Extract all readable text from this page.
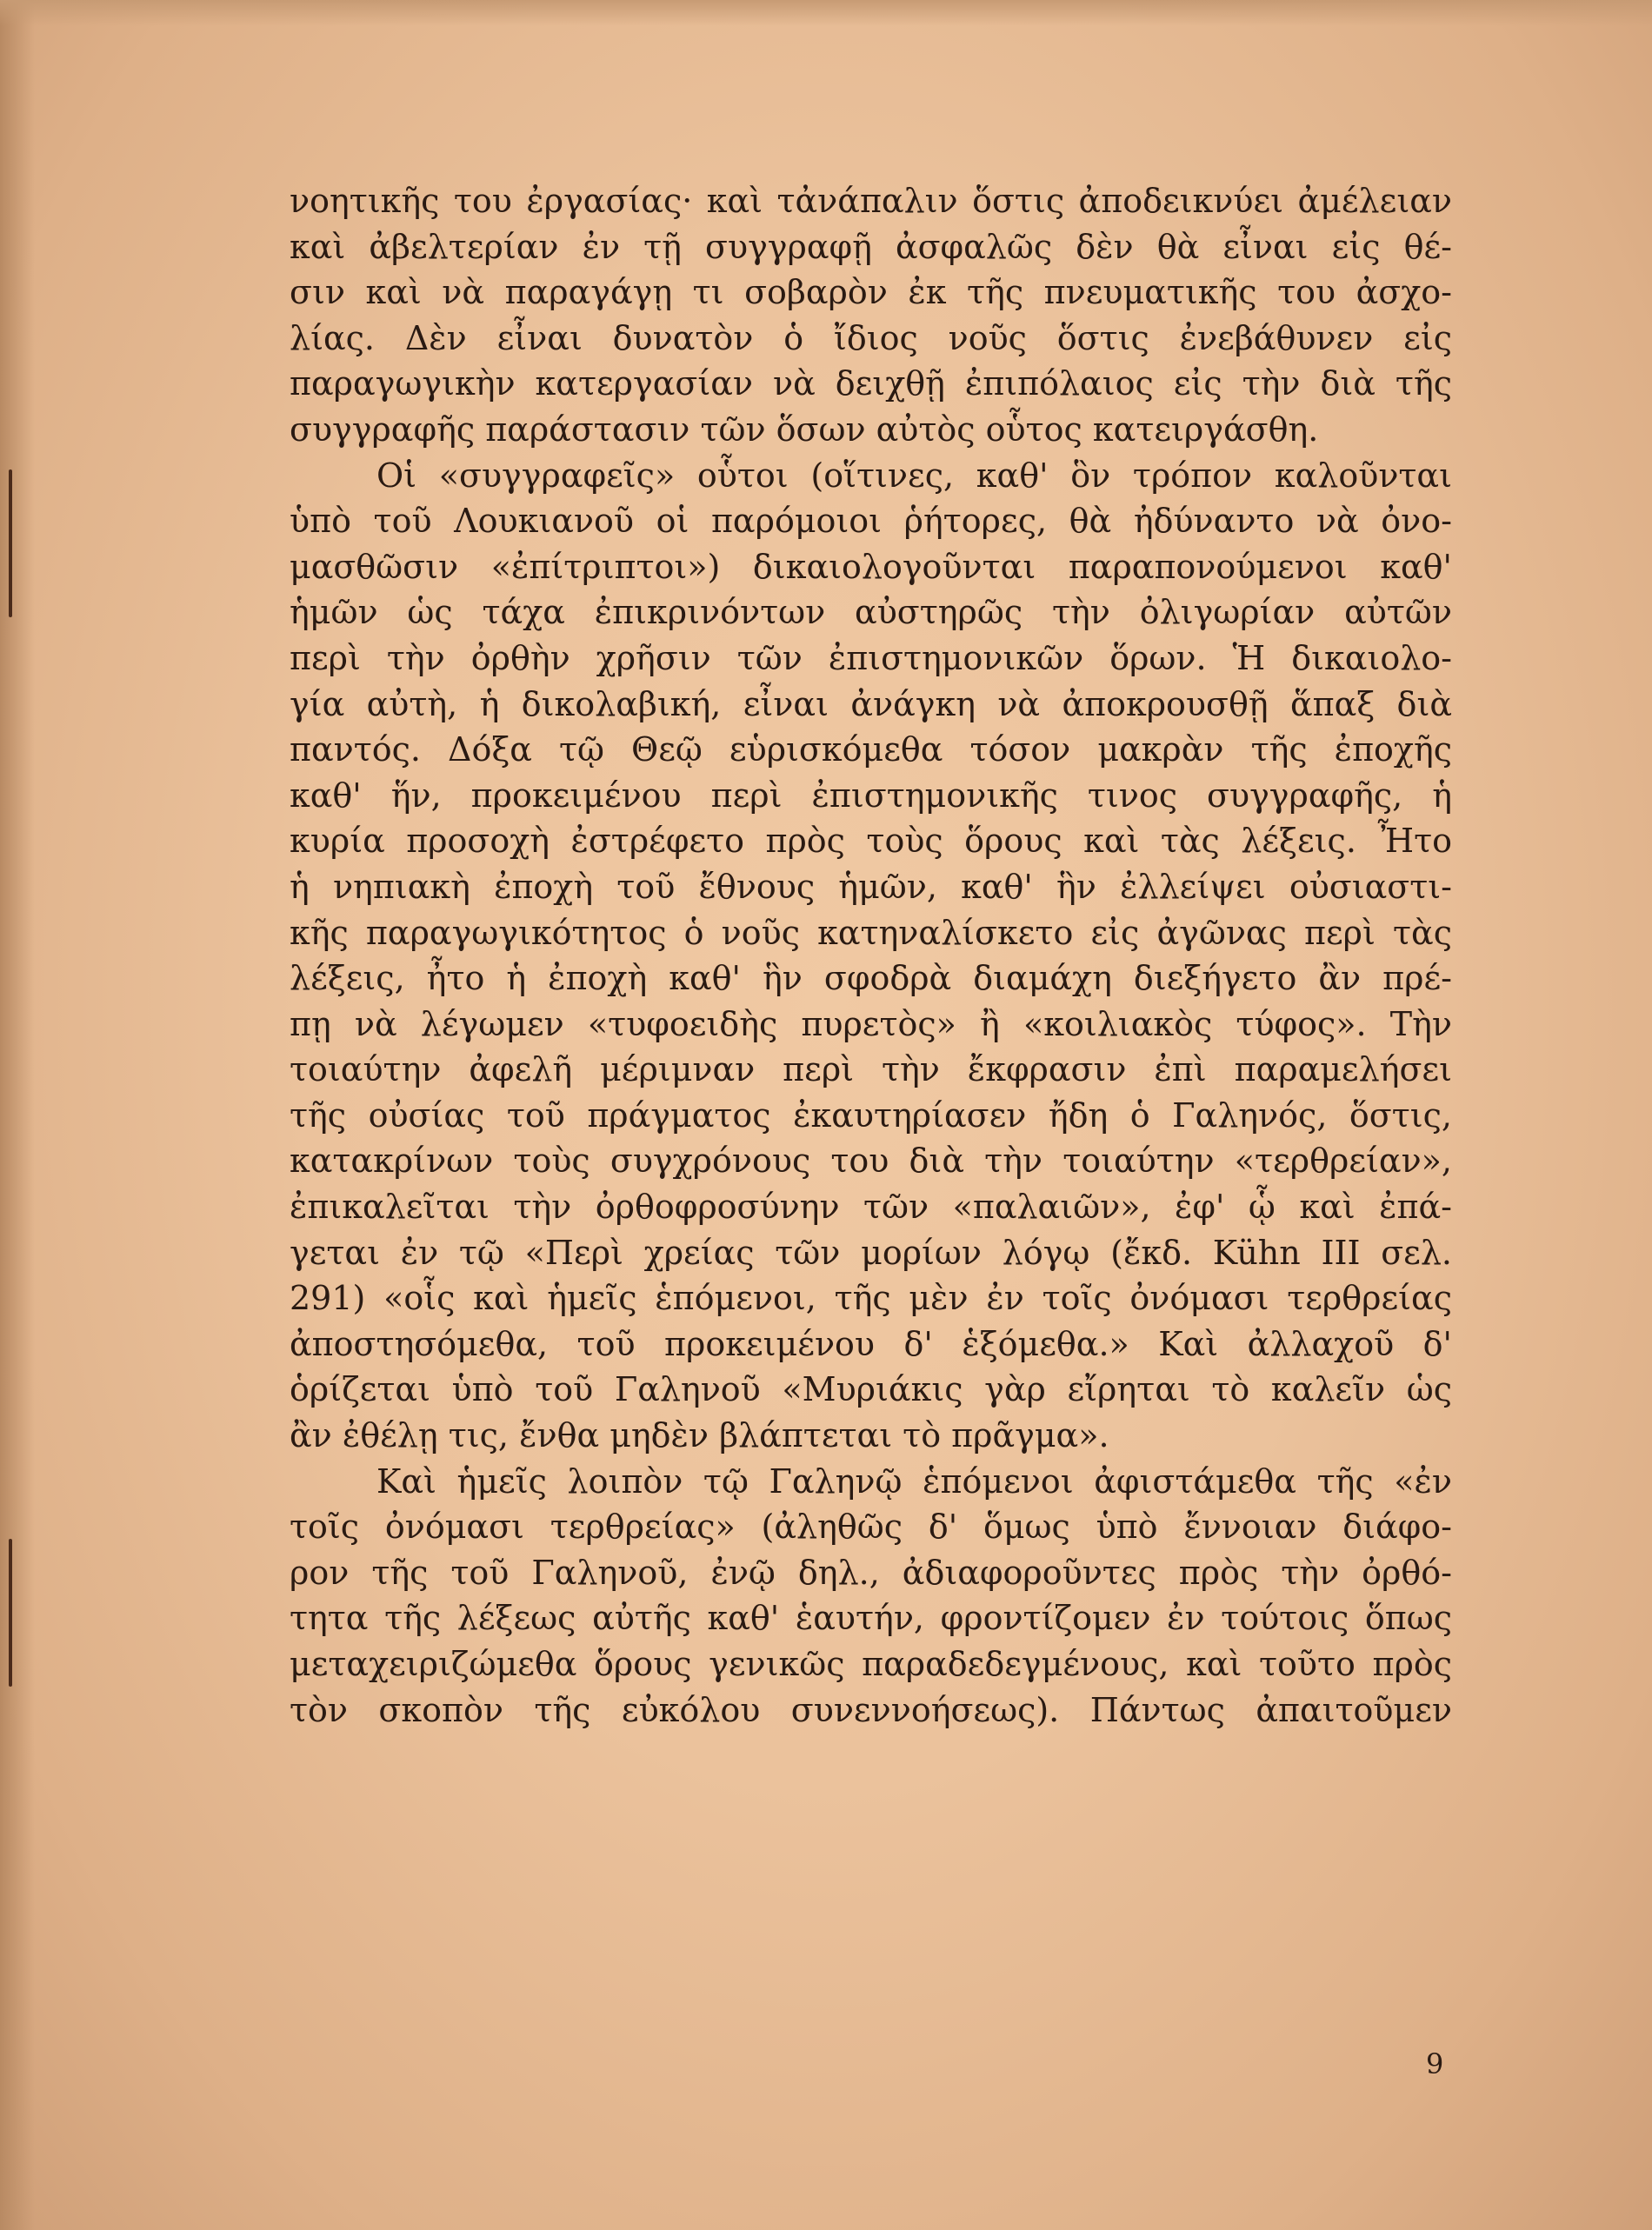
νοητικῆς του ἐργασίας· καὶ τἀνάπαλιν ὅστις ἀποδεικνύει ἀμέλειαν
καὶ ἀβελτερίαν ἐν τῇ συγγραφῇ ἀσφαλῶς δὲν θὰ εἶναι εἰς θέ-
σιν καὶ νὰ παραγάγῃ τι σοβαρὸν ἐκ τῆς πνευματικῆς του ἀσχο-
λίας. Δὲν εἶναι δυνατὸν ὁ ἴδιος νοῦς ὅστις ἐνεβάθυνεν εἰς
παραγωγικὴν κατεργασίαν νὰ δειχθῇ ἐπιπόλαιος εἰς τὴν διὰ τῆς
συγγραφῆς παράστασιν τῶν ὅσων αὐτὸς οὗτος κατειργάσθη.
Οἱ «συγγραφεῖς» οὗτοι (οἵτινες, καθ' ὃν τρόπον καλοῦνται
ὑπὸ τοῦ Λουκιανοῦ οἱ παρόμοιοι ῥήτορες, θὰ ἠδύναντο νὰ ὀνο-
μασθῶσιν «ἐπίτριπτοι») δικαιολογοῦνται παραπονούμενοι καθ'
ἡμῶν ὡς τάχα ἐπικρινόντων αὐστηρῶς τὴν ὀλιγωρίαν αὐτῶν
περὶ τὴν ὀρθὴν χρῆσιν τῶν ἐπιστημονικῶν ὅρων. Ἡ δικαιολο-
γία αὐτὴ, ἡ δικολαβική, εἶναι ἀνάγκη νὰ ἀποκρουσθῇ ἅπαξ διὰ
παντός. Δόξα τῷ Θεῷ εὑρισκόμεθα τόσον μακρὰν τῆς ἐποχῆς
καθ' ἥν, προκειμένου περὶ ἐπιστημονικῆς τινος συγγραφῆς, ἡ
κυρία προσοχὴ ἐστρέφετο πρὸς τοὺς ὅρους καὶ τὰς λέξεις. Ἦτο
ἡ νηπιακὴ ἐποχὴ τοῦ ἔθνους ἡμῶν, καθ' ἣν ἐλλείψει οὐσιαστι-
κῆς παραγωγικότητος ὁ νοῦς κατηναλίσκετο εἰς ἀγῶνας περὶ τὰς
λέξεις, ἦτο ἡ ἐποχὴ καθ' ἣν σφοδρὰ διαμάχη διεξήγετο ἂν πρέ-
πῃ νὰ λέγωμεν «τυφοειδὴς πυρετὸς» ἢ «κοιλιακὸς τύφος». Τὴν
τοιαύτην ἀφελῆ μέριμναν περὶ τὴν ἔκφρασιν ἐπὶ παραμελήσει
τῆς οὐσίας τοῦ πράγματος ἐκαυτηρίασεν ἤδη ὁ Γαληνός, ὅστις,
κατακρίνων τοὺς συγχρόνους του διὰ τὴν τοιαύτην «τερθρείαν»,
ἐπικαλεῖται τὴν ὀρθοφροσύνην τῶν «παλαιῶν», ἐφ' ᾧ καὶ ἐπά-
γεται ἐν τῷ «Περὶ χρείας τῶν μορίων λόγῳ (ἔκδ. Kühn III σελ.
291) «οἷς καὶ ἡμεῖς ἑπόμενοι, τῆς μὲν ἐν τοῖς ὀνόμασι τερθρείας
ἀποστησόμεθα, τοῦ προκειμένου δ' ἑξόμεθα.» Καὶ ἀλλαχοῦ δ'
ὁρίζεται ὑπὸ τοῦ Γαληνοῦ «Μυριάκις γὰρ εἴρηται τὸ καλεῖν ὡς
ἂν ἐθέλῃ τις, ἔνθα μηδὲν βλάπτεται τὸ πρᾶγμα».
Καὶ ἡμεῖς λοιπὸν τῷ Γαληνῷ ἑπόμενοι ἀφιστάμεθα τῆς «ἐν
τοῖς ὀνόμασι τερθρείας» (ἀληθῶς δ' ὅμως ὑπὸ ἔννοιαν διάφο-
ρον τῆς τοῦ Γαληνοῦ, ἐνῷ δηλ., ἀδιαφοροῦντες πρὸς τὴν ὀρθό-
τητα τῆς λέξεως αὐτῆς καθ' ἑαυτήν, φροντίζομεν ἐν τούτοις ὅπως
μεταχειριζώμεθα ὅρους γενικῶς παραδεδεγμένους, καὶ τοῦτο πρὸς
τὸν σκοπὸν τῆς εὐκόλου συνεννοήσεως). Πάντως ἀπαιτοῦμεν
9
